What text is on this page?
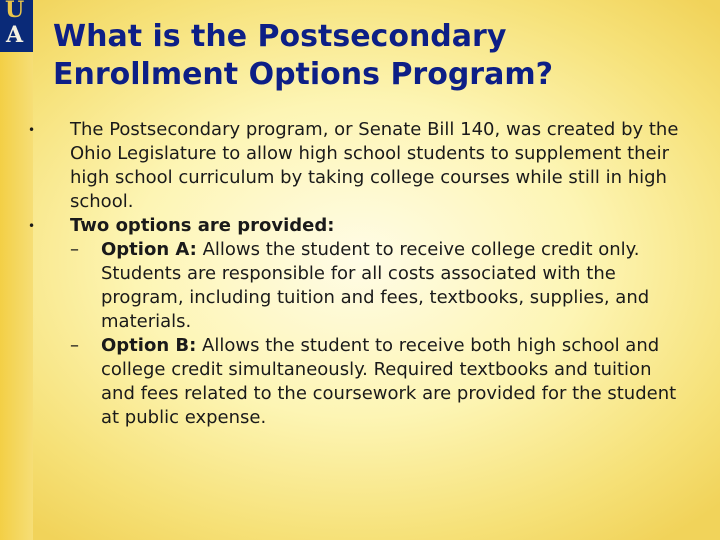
U
A What is the Postsecondary
Enrollment Options Program?
•	The Postsecondary program, or Senate Bill 140, was created by the Ohio Legislature to allow high school students to supplement their high school curriculum by taking college courses while still in high school.
•	Two options are provided:
– Option A: Allows the student to receive college credit only. Students are responsible for all costs associated with the program, including tuition and fees, textbooks, supplies, and materials.
– Option B: Allows the student to receive both high school and college credit simultaneously. Required textbooks and tuition and fees related to the coursework are provided for the student at public expense.
